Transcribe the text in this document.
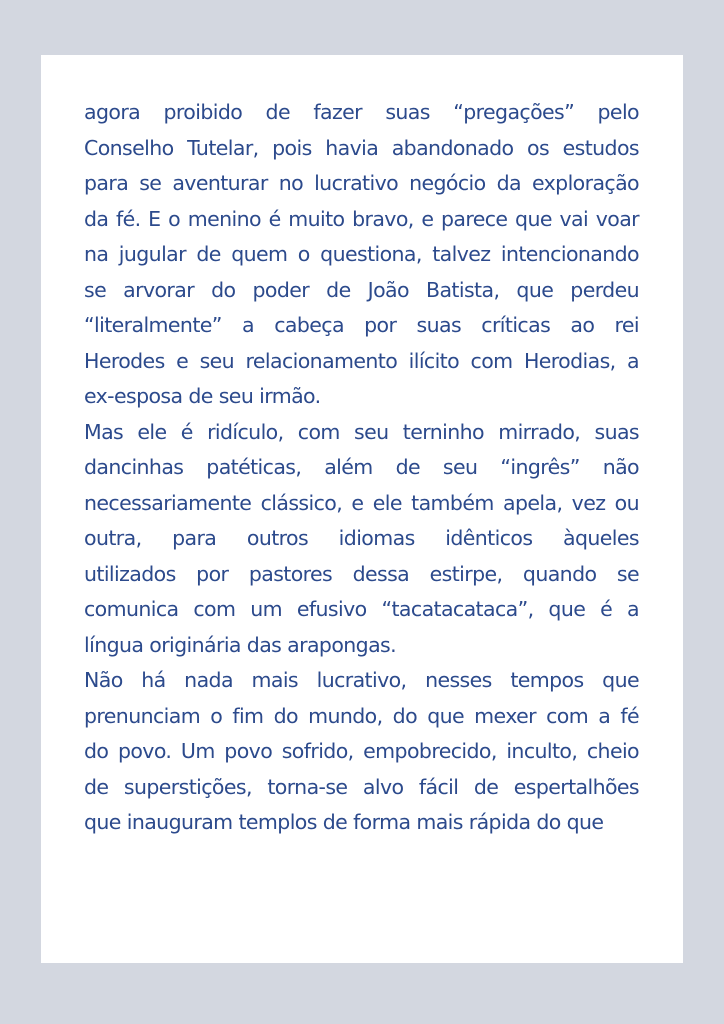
agora proibido de fazer suas “pregações” pelo
Conselho Tutelar, pois havia abandonado os estudos
para se aventurar no lucrativo negócio da exploração
da fé. E o menino é muito bravo, e parece que vai voar
na jugular de quem o questiona, talvez intencionando
se arvorar do poder de João Batista, que perdeu
“literalmente” a cabeça por suas críticas ao rei
Herodes e seu relacionamento ilícito com Herodias, a
ex-esposa de seu irmão.
Mas ele é ridículo, com seu terninho mirrado, suas
dancinhas patéticas, além de seu “ingrês” não
necessariamente clássico, e ele também apela, vez ou
outra, para outros idiomas idênticos àqueles
utilizados por pastores dessa estirpe, quando se
comunica com um efusivo “tacatacataca”, que é a
língua originária das arapongas.
Não há nada mais lucrativo, nesses tempos que
prenunciam o fim do mundo, do que mexer com a fé
do povo. Um povo sofrido, empobrecido, inculto, cheio
de superstições, torna-se alvo fácil de espertalhões
que inauguram templos de forma mais rápida do que
